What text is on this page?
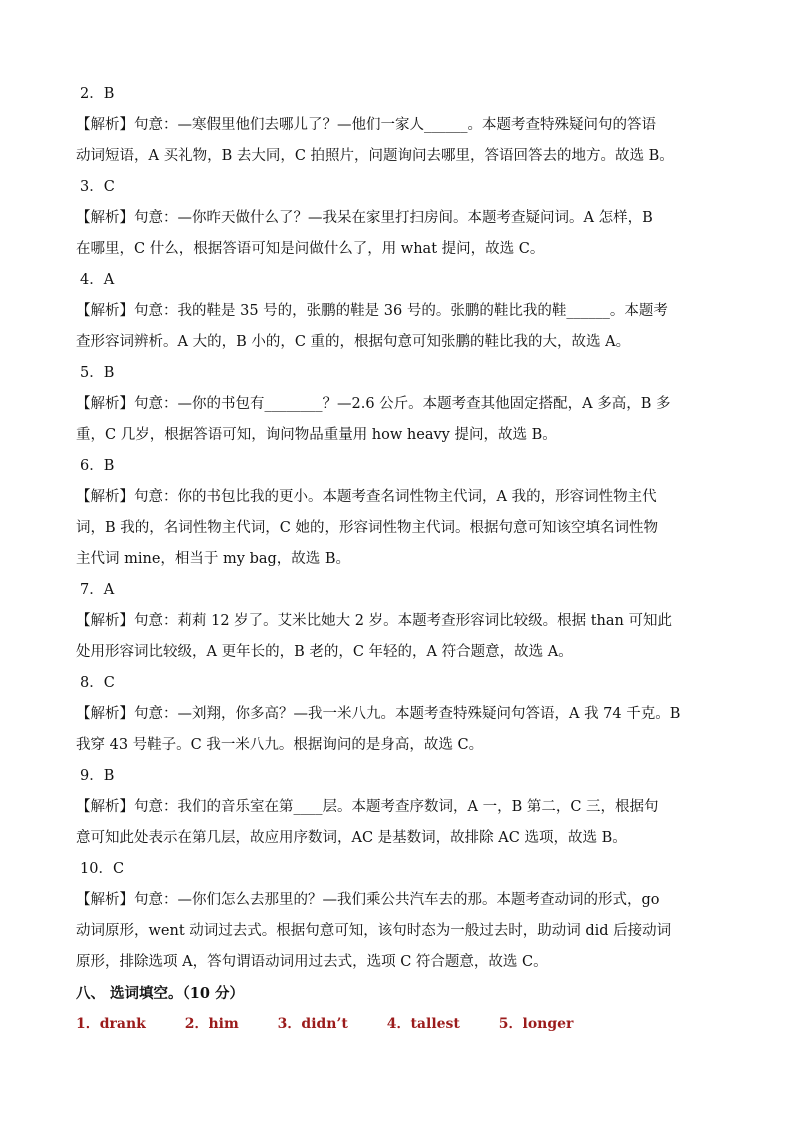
2．B
【解析】句意：—寒假里他们去哪儿了？—他们一家人______。本题考查特殊疑问句的答语
动词短语，A 买礼物，B 去大同，C 拍照片，问题询问去哪里，答语回答去的地方。故选 B。
3．C
【解析】句意：—你昨天做什么了？—我呆在家里打扫房间。本题考查疑问词。A 怎样，B
在哪里，C 什么，根据答语可知是问做什么了，用 what 提问，故选 C。
4．A
【解析】句意：我的鞋是 35 号的，张鹏的鞋是 36 号的。张鹏的鞋比我的鞋______。本题考
查形容词辨析。A 大的，B 小的，C 重的，根据句意可知张鹏的鞋比我的大，故选 A。
5．B
【解析】句意：—你的书包有________？—2.6 公斤。本题考查其他固定搭配，A 多高，B 多
重，C 几岁，根据答语可知，询问物品重量用 how heavy 提问，故选 B。
6．B
【解析】句意：你的书包比我的更小。本题考查名词性物主代词，A 我的，形容词性物主代
词，B 我的，名词性物主代词，C 她的，形容词性物主代词。根据句意可知该空填名词性物
主代词 mine，相当于 my bag，故选 B。
7．A
【解析】句意：莉莉 12 岁了。艾米比她大 2 岁。本题考查形容词比较级。根据 than 可知此
处用形容词比较级，A 更年长的，B 老的，C 年轻的，A 符合题意，故选 A。
8．C
【解析】句意：—刘翔，你多高？—我一米八九。本题考查特殊疑问句答语，A 我 74 千克。B
我穿 43 号鞋子。C 我一米八九。根据询问的是身高，故选 C。
9．B
【解析】句意：我们的音乐室在第____层。本题考查序数词，A 一，B 第二，C 三，根据句
意可知此处表示在第几层，故应用序数词，AC 是基数词，故排除 AC 选项，故选 B。
10．C
【解析】句意：—你们怎么去那里的？—我们乘公共汽车去的那。本题考查动词的形式，go
动词原形，went 动词过去式。根据句意可知，该句时态为一般过去时，助动词 did 后接动词
原形，排除选项 A，答句谓语动词用过去式，选项 C 符合题意，故选 C。
八、 选词填空。（10 分）
1．drank	2．him	3．didn’t	4．tallest	5．longer
